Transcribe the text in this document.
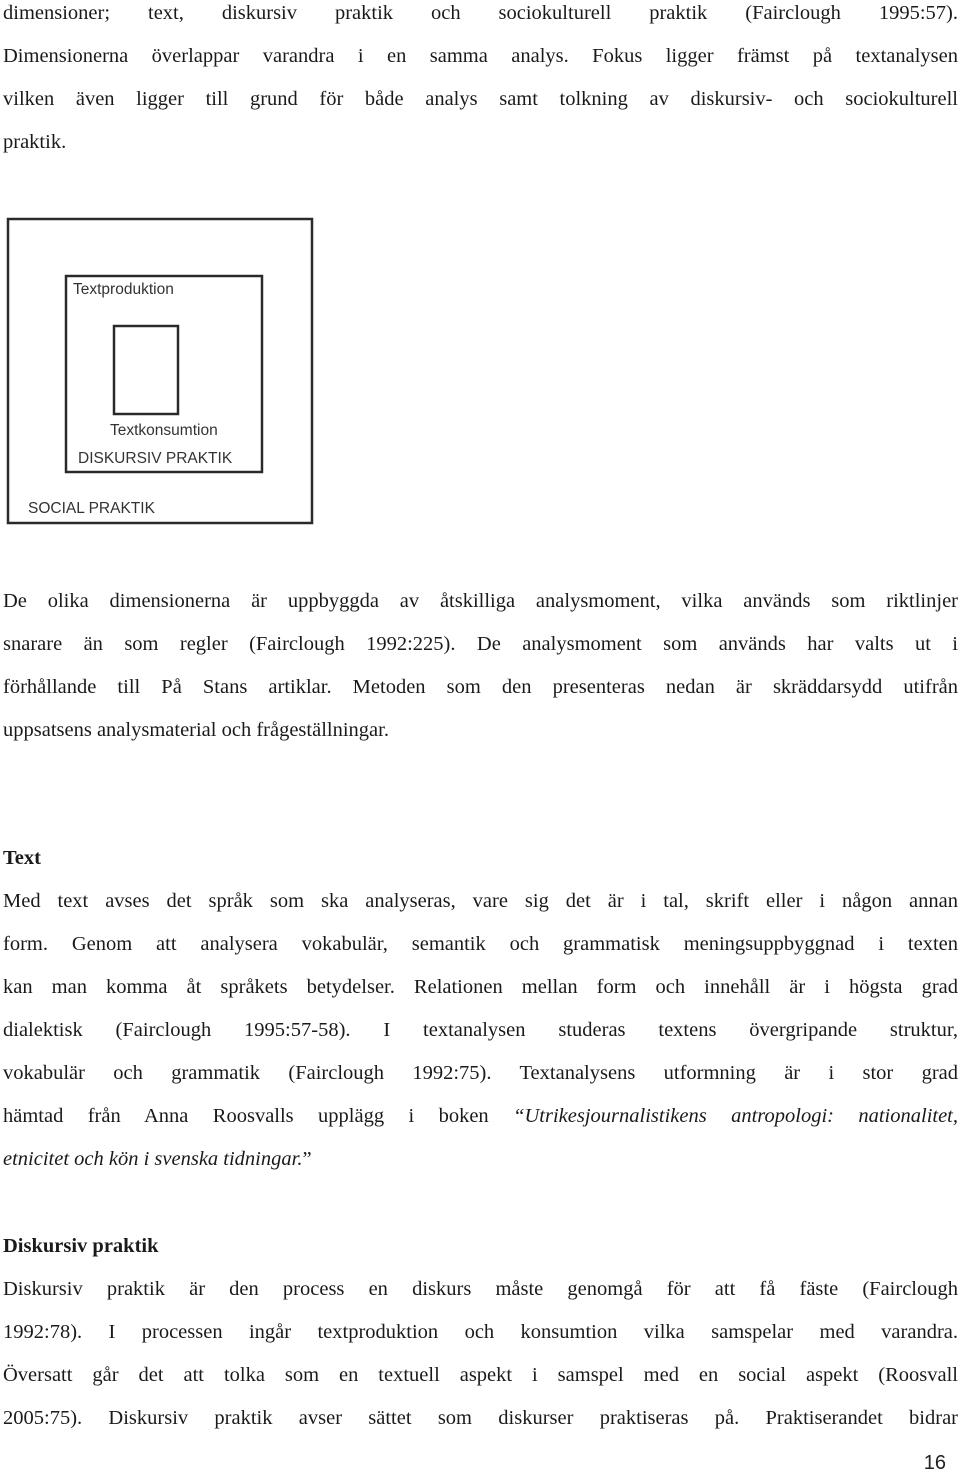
dimensioner; text, diskursiv praktik och sociokulturell praktik (Fairclough 1995:57).
Dimensionerna överlappar varandra i en samma analys. Fokus ligger främst på textanalysen
vilken även ligger till grund för både analys samt tolkning av diskursiv- och sociokulturell
praktik.
Textproduktion
Textkonsumtion
DISKURSIV PRAKTIK
SOCIAL PRAKTIK
De olika dimensionerna är uppbyggda av åtskilliga analysmoment, vilka används som riktlinjer
snarare än som regler (Fairclough 1992:225). De analysmoment som används har valts ut i
förhållande till På Stans artiklar. Metoden som den presenteras nedan är skräddarsydd utifrån
uppsatsens analysmaterial och frågeställningar.
Text
Med text avses det språk som ska analyseras, vare sig det är i tal, skrift eller i någon annan
form. Genom att analysera vokabulär, semantik och grammatisk meningsuppbyggnad i texten
kan man komma åt språkets betydelser. Relationen mellan form och innehåll är i högsta grad
dialektisk (Fairclough 1995:57-58). I textanalysen studeras textens övergripande struktur,
vokabulär och grammatik (Fairclough 1992:75). Textanalysens utformning är i stor grad
hämtad från Anna Roosvalls upplägg i boken “Utrikesjournalistikens antropologi: nationalitet,
etnicitet och kön i svenska tidningar.”
Diskursiv praktik
Diskursiv praktik är den process en diskurs måste genomgå för att få fäste (Fairclough
1992:78). I processen ingår textproduktion och konsumtion vilka samspelar med varandra.
Översatt går det att tolka som en textuell aspekt i samspel med en social aspekt (Roosvall
2005:75). Diskursiv praktik avser sättet som diskurser praktiseras på. Praktiserandet bidrar
16
